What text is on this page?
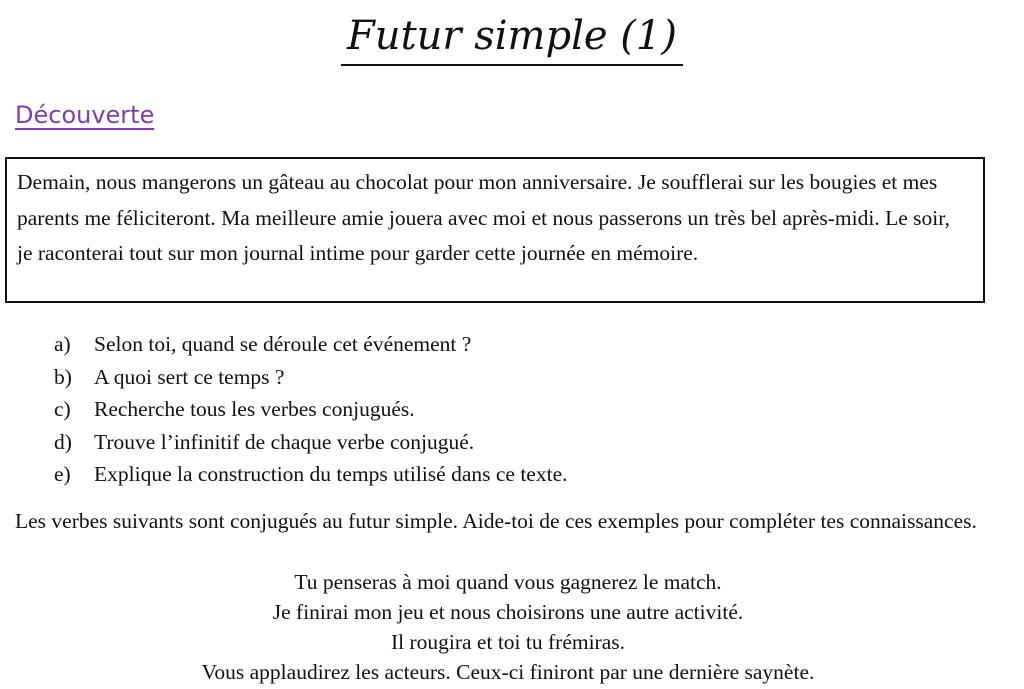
Futur simple (1)
Découverte

Demain, nous mangerons un gâteau au chocolat pour mon anniversaire. Je soufflerai sur les bougies et mes parents me féliciteront. Ma meilleure amie jouera avec moi et nous passerons un très bel après-midi. Le soir, je raconterai tout sur mon journal intime pour garder cette journée en mémoire.

a)	Selon toi, quand se déroule cet événement ?
b)	A quoi sert ce temps ?
c)	Recherche tous les verbes conjugués.
d)	Trouve l’infinitif de chaque verbe conjugué.
e)	Explique la construction du temps utilisé dans ce texte.

Les verbes suivants sont conjugués au futur simple. Aide-toi de ces exemples pour compléter tes connaissances.

Tu penseras à moi quand vous gagnerez le match.
Je finirai mon jeu et nous choisirons une autre activité.
Il rougira et toi tu frémiras.
Vous applaudirez les acteurs. Ceux-ci finiront par une dernière saynète.
